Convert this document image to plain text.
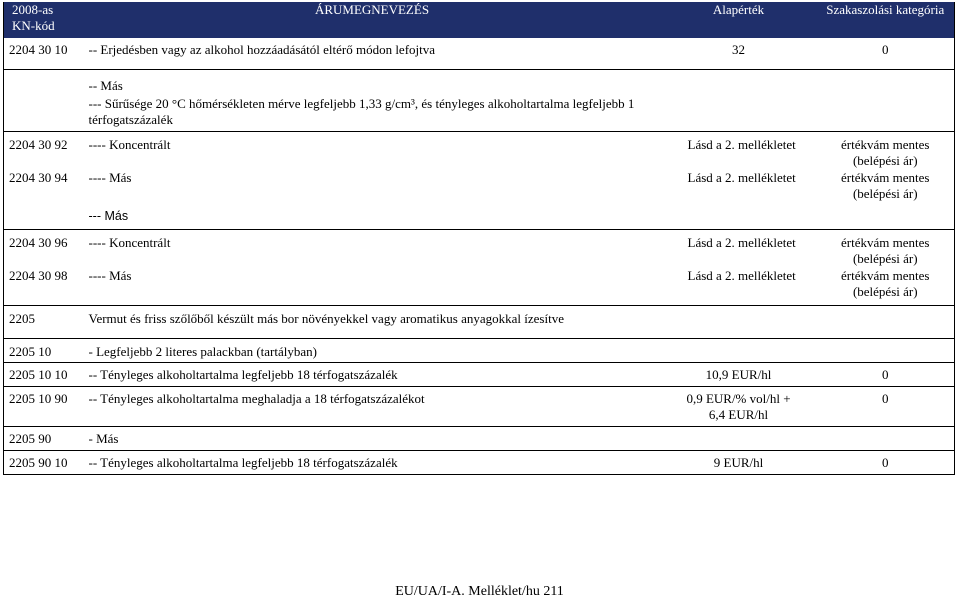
2008-as KN-kód	ÁRUMEGNEVEZÉS	Alapérték	Szakaszolási kategória
2204 30 10	-- Erjedésben vagy az alkohol hozzáadásától eltérő módon lefojtva	32	0
	-- Más		
	--- Sűrűsége 20 °C hőmérsékleten mérve legfeljebb 1,33 g/cm³, és tényleges alkoholtartalma legfeljebb 1 térfogatszázalék		
2204 30 92	---- Koncentrált	Lásd a 2. mellékletet	értékvám mentes (belépési ár)
2204 30 94	---- Más	Lásd a 2. mellékletet	értékvám mentes (belépési ár)
	--- Más		
2204 30 96	---- Koncentrált	Lásd a 2. mellékletet	értékvám mentes (belépési ár)
2204 30 98	---- Más	Lásd a 2. mellékletet	értékvám mentes (belépési ár)
2205	Vermut és friss szőlőből készült más bor növényekkel vagy aromatikus anyagokkal ízesítve		
2205 10	- Legfeljebb 2 literes palackban (tartályban)		
2205 10 10	-- Tényleges alkoholtartalma legfeljebb 18 térfogatszázalék	10,9 EUR/hl	0
2205 10 90	-- Tényleges alkoholtartalma meghaladja a 18 térfogatszázalékot	0,9 EUR/% vol/hl + 6,4 EUR/hl	0
2205 90	- Más		
2205 90 10	-- Tényleges alkoholtartalma legfeljebb 18 térfogatszázalék	9 EUR/hl	0
EU/UA/I-A. Melléklet/hu 211
